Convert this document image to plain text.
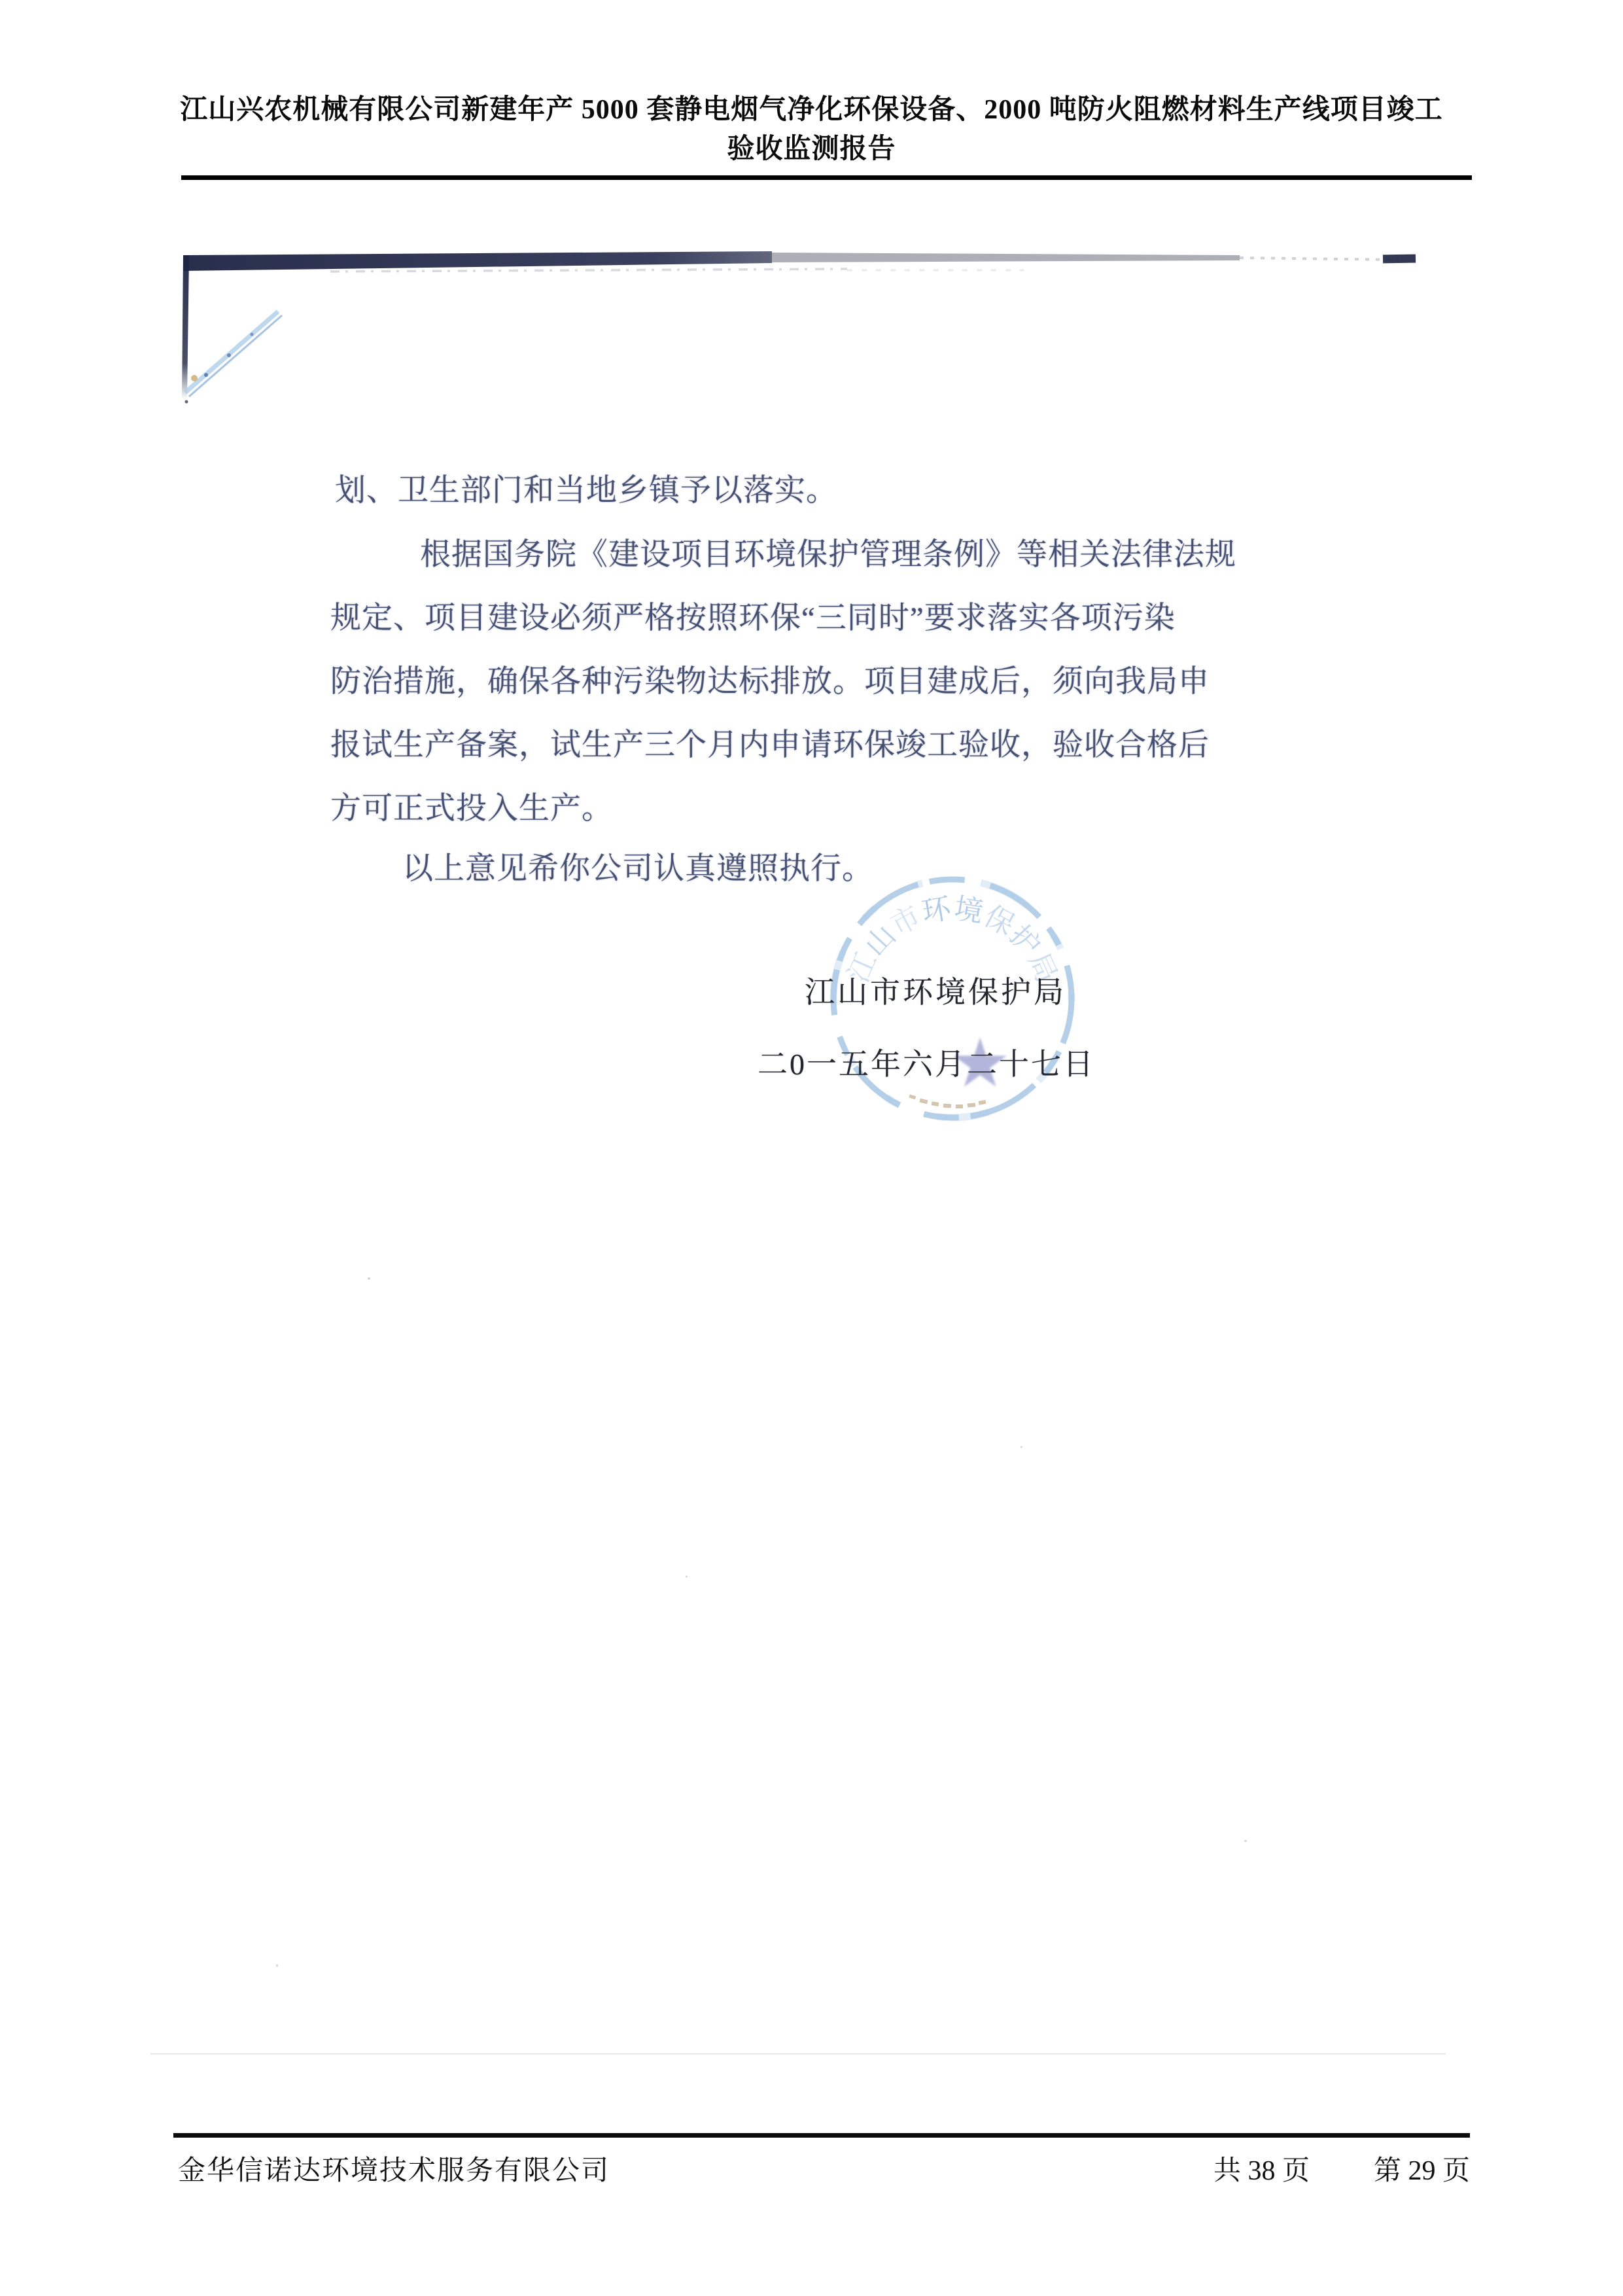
江山兴农机械有限公司新建年产 5000 套静电烟气净化环保设备、2000 吨防火阻燃材料生产线项目竣工
验收监测报告
划、卫生部门和当地乡镇予以落实。
根据国务院《建设项目环境保护管理条例》等相关法律法规
规定、项目建设必须严格按照环保“三同时”要求落实各项污染
防治措施，确保各种污染物达标排放。项目建成后，须向我局申
报试生产备案，试生产三个月内申请环保竣工验收，验收合格后
方可正式投入生产。
以上意见希你公司认真遵照执行。
江
山
市
环
境
保
护
局
江山市环境保护局
二0一五年六月二十七日
金华信诺达环境技术服务有限公司	共 38 页 第 29 页
